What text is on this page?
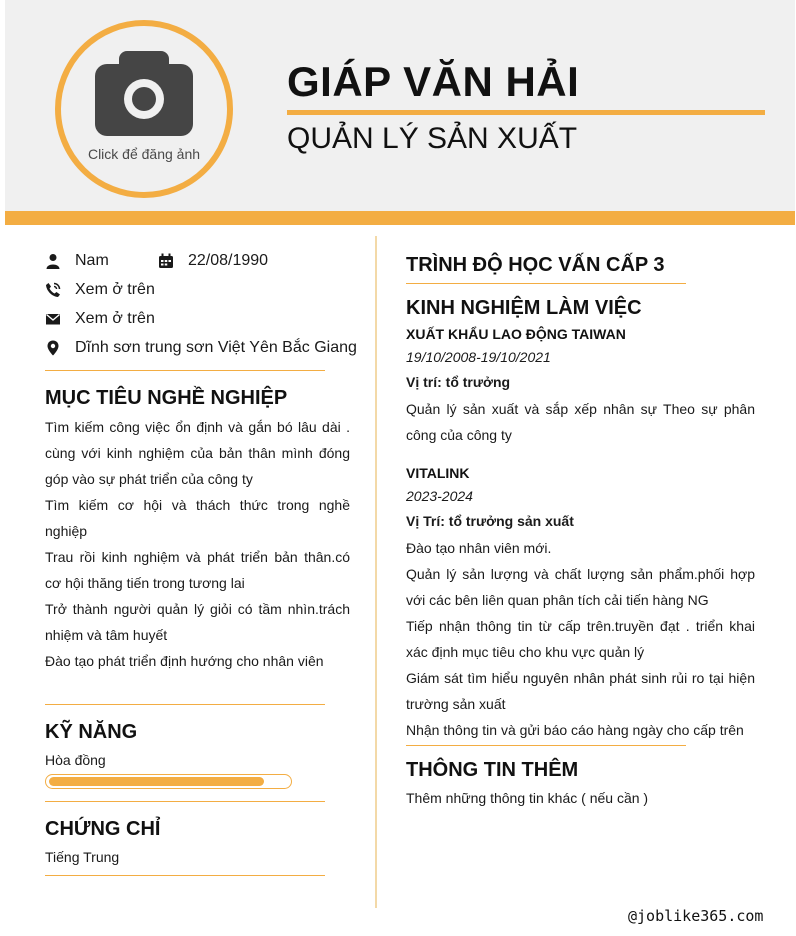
Click để đăng ảnh
GIÁP VĂN HẢI
QUẢN LÝ SẢN XUẤT
Nam	22/08/1990
Xem ở trên
Xem ở trên
Dĩnh sơn trung sơn Việt Yên Bắc Giang
MỤC TIÊU NGHỀ NGHIỆP
Tìm kiếm công việc ổn định và gắn bó lâu dài . cùng với kinh nghiệm của bản thân mình đóng góp vào sự phát triển của công ty
Tìm kiếm cơ hội và thách thức trong nghề nghiệp
Trau rồi kinh nghiệm và phát triển bản thân.có cơ hội thăng tiến trong tương lai
Trở thành người quản lý giỏi có tầm nhìn.trách nhiệm và tâm huyết
Đào tạo phát triển định hướng cho nhân viên
KỸ NĂNG
Hòa đồng
CHỨNG CHỈ
Tiếng Trung
TRÌNH ĐỘ HỌC VẤN CẤP 3
KINH NGHIỆM LÀM VIỆC
XUẤT KHẨU LAO ĐỘNG TAIWAN
19/10/2008-19/10/2021
Vị trí: tổ trưởng
Quản lý sản xuất và sắp xếp nhân sự Theo sự phân công của công ty
VITALINK
2023-2024
Vị Trí: tổ trưởng sản xuất
Đào tạo nhân viên mới.
Quản lý sản lượng và chất lượng sản phẩm.phối hợp với các bên liên quan phân tích cải tiến hàng NG
Tiếp nhận thông tin từ cấp trên.truyền đạt . triển khai xác định mục tiêu cho khu vực quản lý
Giám sát tìm hiểu nguyên nhân phát sinh rủi ro tại hiện trường sản xuất
Nhận thông tin và gửi báo cáo hàng ngày cho cấp trên
THÔNG TIN THÊM
Thêm những thông tin khác ( nếu cần )
@joblike365.com
